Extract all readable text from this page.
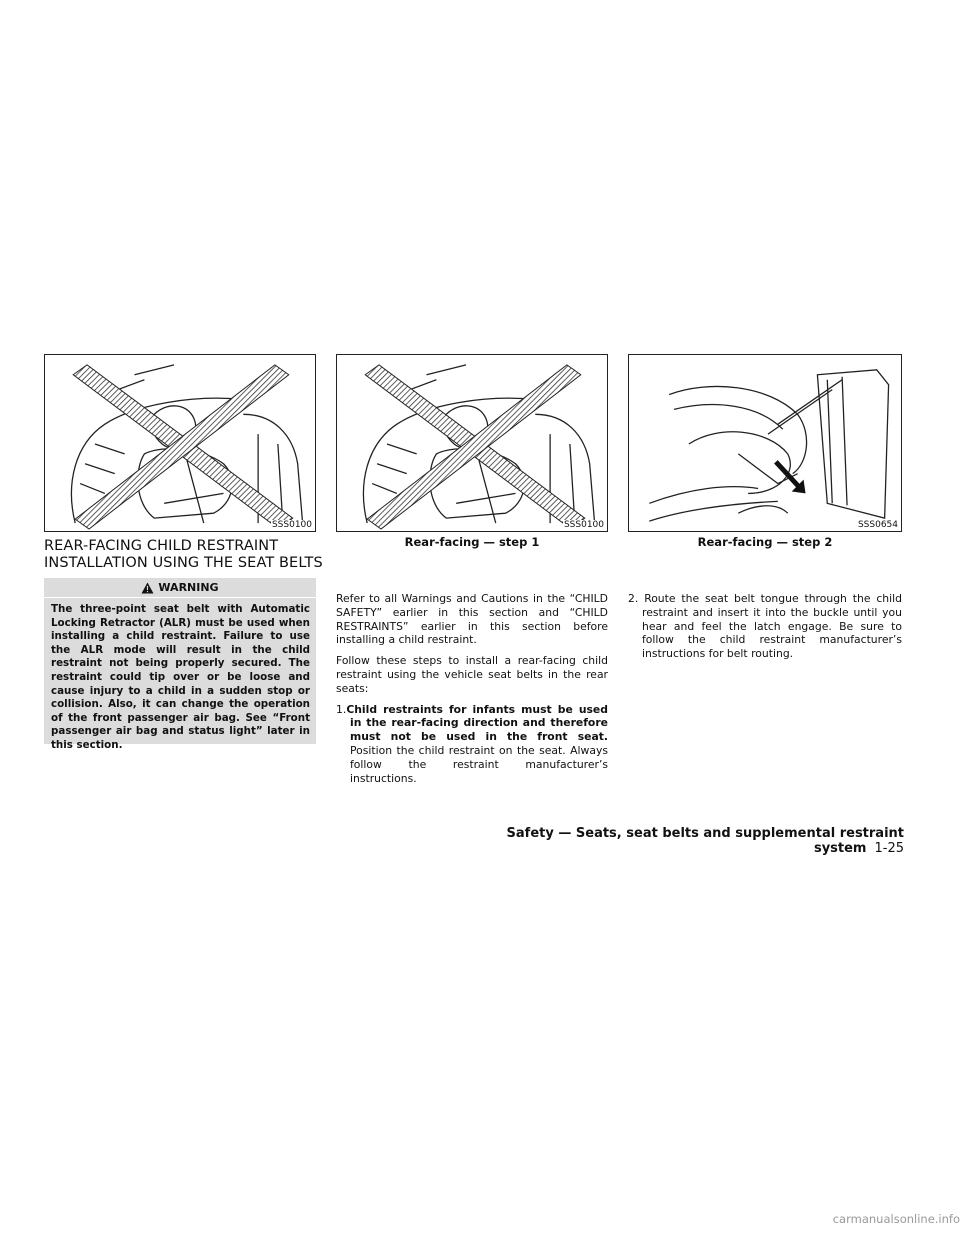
SSS0100	SSS0100	SSS0654
Rear-facing — step 1	Rear-facing — step 2
REAR-FACING CHILD RESTRAINT
INSTALLATION USING THE SEAT BELTS
WARNING
The three-point seat belt with Automatic Locking Retractor (ALR) must be used when installing a child restraint. Failure to use the ALR mode will result in the child restraint not being properly secured. The restraint could tip over or be loose and cause injury to a child in a sudden stop or collision. Also, it can change the operation of the front passenger air bag. See “Front passenger air bag and status light” later in this section.

Refer to all Warnings and Cautions in the “CHILD SAFETY” earlier in this section and “CHILD RESTRAINTS” earlier in this section before installing a child restraint.

Follow these steps to install a rear-facing child restraint using the vehicle seat belts in the rear seats:

1.Child restraints for infants must be used in the rear-facing direction and therefore must not be used in the front seat. Position the child restraint on the seat. Always follow the restraint manufacturer’s instructions.

2. Route the seat belt tongue through the child restraint and insert it into the buckle until you hear and feel the latch engage. Be sure to follow the child restraint manufacturer’s instructions for belt routing.

Safety — Seats, seat belts and supplemental restraint system 1-25
carmanualsonline.info
